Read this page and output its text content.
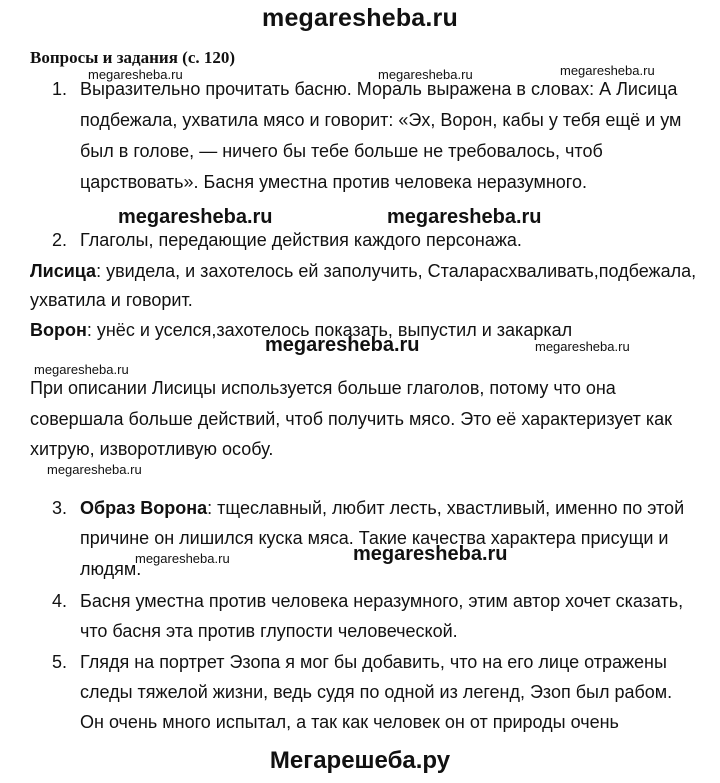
megaresheba.ru
Вопросы и задания (с. 120)
1. Выразительно прочитать басню. Мораль выражена в словах: А Лисица
подбежала, ухватила мясо и говорит: «Эх, Ворон, кабы у тебя ещё и ум
был в голове, — ничего бы тебе больше не требовалось, чтоб
царствовать». Басня уместна против человека неразумного.
2. Глаголы, передающие действия каждого персонажа.
Лисица: увидела, и захотелось ей заполучить, Сталарасхваливать,подбежала,
ухватила и говорит.
Ворон: унёс и уселся,захотелось показать, выпустил и закаркал
При описании Лисицы используется больше глаголов, потому что она
совершала больше действий, чтоб получить мясо. Это её характеризует как
хитрую, изворотливую особу.
3. Образ Ворона: тщеславный, любит лесть, хвастливый, именно по этой
причине он лишился куска мяса. Такие качества характера присущи и
людям.
4. Басня уместна против человека неразумного, этим автор хочет сказать,
что басня эта против глупости человеческой.
5. Глядя на портрет Эзопа я мог бы добавить, что на его лице отражены
следы тяжелой жизни, ведь судя по одной из легенд, Эзоп был рабом.
Он очень много испытал, а так как человек он от природы очень
megaresheba.ru	megaresheba.ru	megaresheba.ru
megaresheba.ru
megaresheba.ru
megaresheba.ru
megaresheba.ru
megaresheba.ru	megaresheba.ru
megaresheba.ru
megaresheba.ru
Мегарешеба.ру
